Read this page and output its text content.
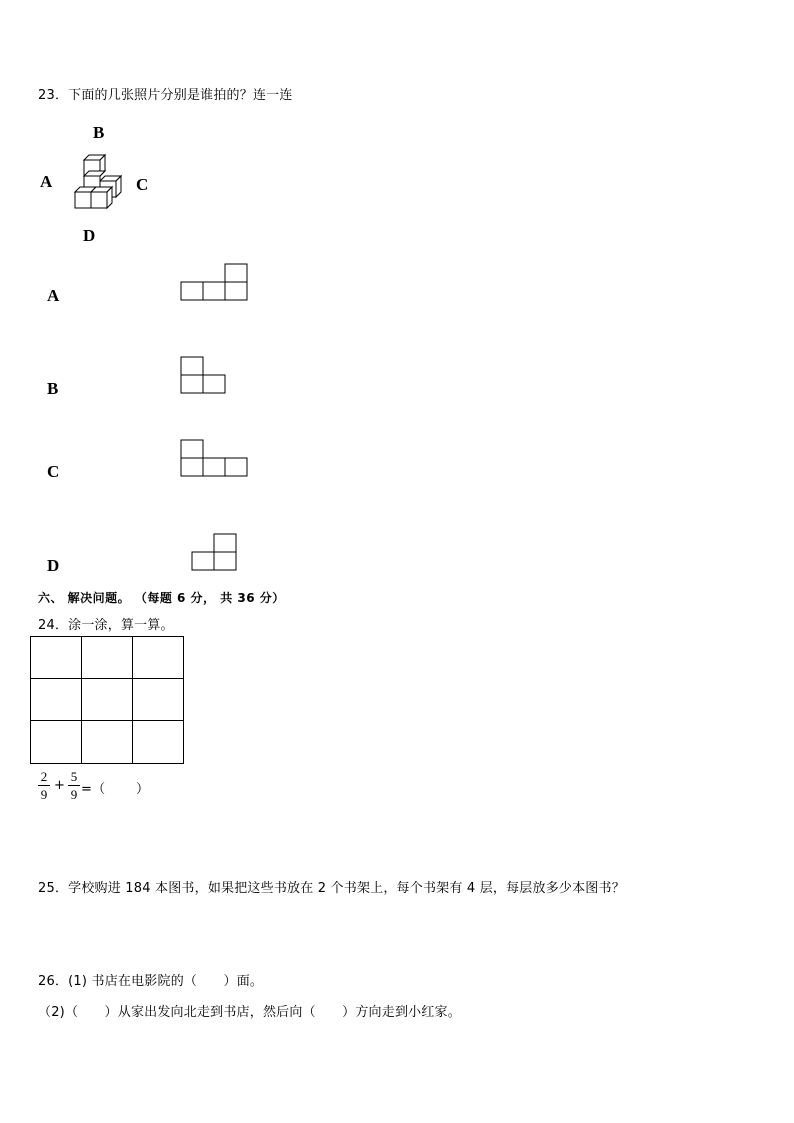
23．下面的几张照片分别是谁拍的？连一连
B
A	C
D
A
B
C
D
六、 解决问题。 （每题 6 分， 共 36 分）
24．涂一涂，算一算。
2
9
+
5
9 =（　　 ）
25．学校购进 184 本图书，如果把这些书放在 2 个书架上，每个书架有 4 层，每层放多少本图书？
26．(1) 书店在电影院的（　　）面。
（2)（　　）从家出发向北走到书店，然后向（　　）方向走到小红家。
